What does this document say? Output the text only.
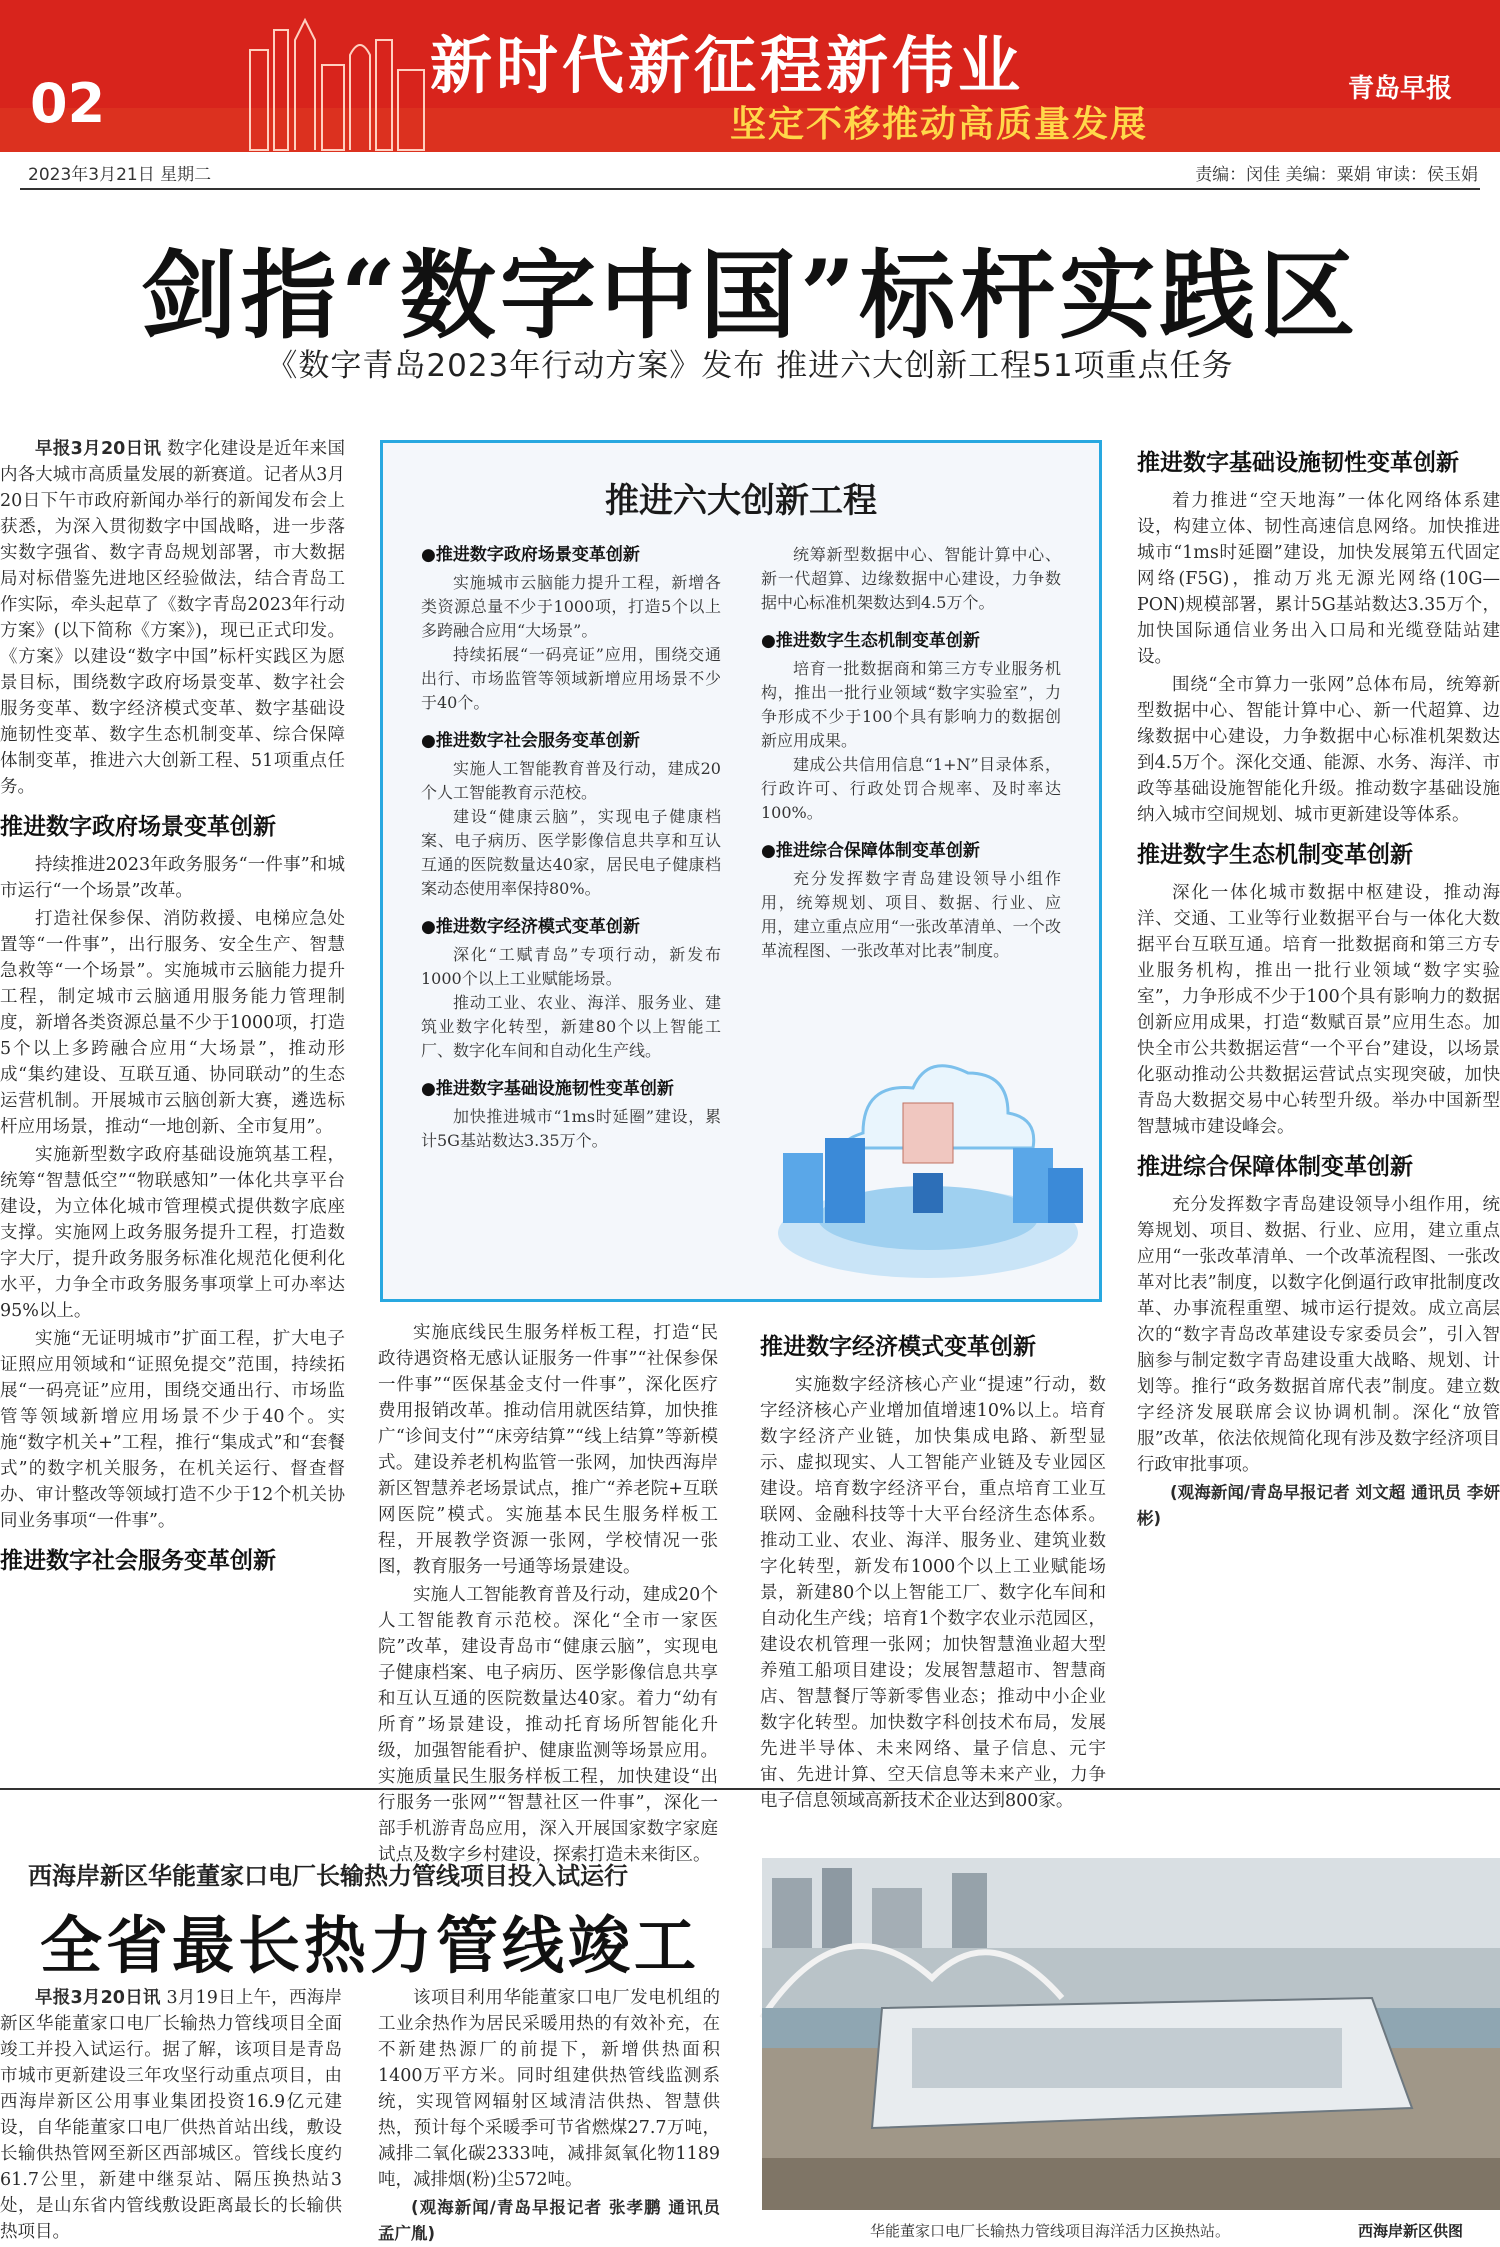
02
新时代新征程新伟业
坚定不移推动高质量发展
青岛早报
2023年3月21日 星期二	责编：闵佳 美编：粟娟 审读：侯玉娟
剑指“数字中国”标杆实践区
《数字青岛2023年行动方案》发布 推进六大创新工程51项重点任务

早报3月20日讯 数字化建设是近年来国内各大城市高质量发展的新赛道。记者从3月20日下午市政府新闻办举行的新闻发布会上获悉，为深入贯彻数字中国战略，进一步落实数字强省、数字青岛规划部署，市大数据局对标借鉴先进地区经验做法，结合青岛工作实际，牵头起草了《数字青岛2023年行动方案》(以下简称《方案》)，现已正式印发。《方案》以建设“数字中国”标杆实践区为愿景目标，围绕数字政府场景变革、数字社会服务变革、数字经济模式变革、数字基础设施韧性变革、数字生态机制变革、综合保障体制变革，推进六大创新工程、51项重点任务。

推进数字政府场景变革创新

持续推进2023年政务服务“一件事”和城市运行“一个场景”改革。

打造社保参保、消防救援、电梯应急处置等“一件事”，出行服务、安全生产、智慧急救等“一个场景”。实施城市云脑能力提升工程，制定城市云脑通用服务能力管理制度，新增各类资源总量不少于1000项，打造5个以上多跨融合应用“大场景”，推动形成“集约建设、互联互通、协同联动”的生态运营机制。开展城市云脑创新大赛，遴选标杆应用场景，推动“一地创新、全市复用”。

实施新型数字政府基础设施筑基工程，统筹“智慧低空”“物联感知”一体化共享平台建设，为立体化城市管理模式提供数字底座支撑。实施网上政务服务提升工程，打造数字大厅，提升政务服务标准化规范化便利化水平，力争全市政务服务事项掌上可办率达95%以上。

实施“无证明城市”扩面工程，扩大电子证照应用领域和“证照免提交”范围，持续拓展“一码亮证”应用，围绕交通出行、市场监管等领域新增应用场景不少于40个。实施“数字机关+”工程，推行“集成式”和“套餐式”的数字机关服务，在机关运行、督查督办、审计整改等领域打造不少于12个机关协同业务事项“一件事”。

推进数字社会服务变革创新
推进六大创新工程
●推进数字政府场景变革创新
实施城市云脑能力提升工程，新增各类资源总量不少于1000项，打造5个以上多跨融合应用“大场景”。
持续拓展“一码亮证”应用，围绕交通出行、市场监管等领域新增应用场景不少于40个。
●推进数字社会服务变革创新
实施人工智能教育普及行动，建成20个人工智能教育示范校。
建设“健康云脑”，实现电子健康档案、电子病历、医学影像信息共享和互认互通的医院数量达40家，居民电子健康档案动态使用率保持80%。
●推进数字经济模式变革创新
深化“工赋青岛”专项行动，新发布1000个以上工业赋能场景。
推动工业、农业、海洋、服务业、建筑业数字化转型，新建80个以上智能工厂、数字化车间和自动化生产线。
●推进数字基础设施韧性变革创新
加快推进城市“1ms时延圈”建设，累计5G基站数达3.35万个。
统筹新型数据中心、智能计算中心、新一代超算、边缘数据中心建设，力争数据中心标准机架数达到4.5万个。
●推进数字生态机制变革创新
培育一批数据商和第三方专业服务机构，推出一批行业领域“数字实验室”，力争形成不少于100个具有影响力的数据创新应用成果。
建成公共信用信息“1+N”目录体系，行政许可、行政处罚合规率、及时率达100%。
●推进综合保障体制变革创新
充分发挥数字青岛建设领导小组作用，统筹规划、项目、数据、行业、应用，建立重点应用“一张改革清单、一个改革流程图、一张改革对比表”制度。

实施底线民生服务样板工程，打造“民政待遇资格无感认证服务一件事”“社保参保一件事”“医保基金支付一件事”，深化医疗费用报销改革。推动信用就医结算，加快推广“诊间支付”“床旁结算”“线上结算”等新模式。建设养老机构监管一张网，加快西海岸新区智慧养老场景试点，推广“养老院+互联网医院”模式。实施基本民生服务样板工程，开展教学资源一张网，学校情况一张图，教育服务一号通等场景建设。

实施人工智能教育普及行动，建成20个人工智能教育示范校。深化“全市一家医院”改革，建设青岛市“健康云脑”，实现电子健康档案、电子病历、医学影像信息共享和互认互通的医院数量达40家。着力“幼有所育”场景建设，推动托育场所智能化升级，加强智能看护、健康监测等场景应用。实施质量民生服务样板工程，加快建设“出行服务一张网”“智慧社区一件事”，深化一部手机游青岛应用，深入开展国家数字家庭试点及数字乡村建设，探索打造未来街区。

推进数字经济模式变革创新

实施数字经济核心产业“提速”行动，数字经济核心产业增加值增速10%以上。培育数字经济产业链，加快集成电路、新型显示、虚拟现实、人工智能产业链及专业园区建设。培育数字经济平台，重点培育工业互联网、金融科技等十大平台经济生态体系。推动工业、农业、海洋、服务业、建筑业数字化转型，新发布1000个以上工业赋能场景，新建80个以上智能工厂、数字化车间和自动化生产线；培育1个数字农业示范园区，建设农机管理一张网；加快智慧渔业超大型养殖工船项目建设；发展智慧超市、智慧商店、智慧餐厅等新零售业态；推动中小企业数字化转型。加快数字科创技术布局，发展先进半导体、未来网络、量子信息、元宇宙、先进计算、空天信息等未来产业，力争电子信息领域高新技术企业达到800家。

推进数字基础设施韧性变革创新

着力推进“空天地海”一体化网络体系建设，构建立体、韧性高速信息网络。加快推进城市“1ms时延圈”建设，加快发展第五代固定网络(F5G)，推动万兆无源光网络(10G—PON)规模部署，累计5G基站数达3.35万个，加快国际通信业务出入口局和光缆登陆站建设。

围绕“全市算力一张网”总体布局，统筹新型数据中心、智能计算中心、新一代超算、边缘数据中心建设，力争数据中心标准机架数达到4.5万个。深化交通、能源、水务、海洋、市政等基础设施智能化升级。推动数字基础设施纳入城市空间规划、城市更新建设等体系。

推进数字生态机制变革创新

深化一体化城市数据中枢建设，推动海洋、交通、工业等行业数据平台与一体化大数据平台互联互通。培育一批数据商和第三方专业服务机构，推出一批行业领域“数字实验室”，力争形成不少于100个具有影响力的数据创新应用成果，打造“数赋百景”应用生态。加快全市公共数据运营“一个平台”建设，以场景化驱动推动公共数据运营试点实现突破，加快青岛大数据交易中心转型升级。举办中国新型智慧城市建设峰会。

推进综合保障体制变革创新

充分发挥数字青岛建设领导小组作用，统筹规划、项目、数据、行业、应用，建立重点应用“一张改革清单、一个改革流程图、一张改革对比表”制度，以数字化倒逼行政审批制度改革、办事流程重塑、城市运行提效。成立高层次的“数字青岛改革建设专家委员会”，引入智脑参与制定数字青岛建设重大战略、规划、计划等。推行“政务数据首席代表”制度。建立数字经济发展联席会议协调机制。深化“放管服”改革，依法依规简化现有涉及数字经济项目行政审批事项。

(观海新闻/青岛早报记者 刘文超 通讯员 李妍彬)

西海岸新区华能董家口电厂长输热力管线项目投入试运行
全省最长热力管线竣工

早报3月20日讯 3月19日上午，西海岸新区华能董家口电厂长输热力管线项目全面竣工并投入试运行。据了解，该项目是青岛市城市更新建设三年攻坚行动重点项目，由西海岸新区公用事业集团投资16.9亿元建设，自华能董家口电厂供热首站出线，敷设长输供热管网至新区西部城区。管线长度约61.7公里，新建中继泵站、隔压换热站3处，是山东省内管线敷设距离最长的长输供热项目。

该项目利用华能董家口电厂发电机组的工业余热作为居民采暖用热的有效补充，在不新建热源厂的前提下，新增供热面积1400万平方米。同时组建供热管线监测系统，实现管网辐射区域清洁供热、智慧供热，预计每个采暖季可节省燃煤27.7万吨，减排二氧化碳2333吨，减排氮氧化物1189吨，减排烟(粉)尘572吨。

(观海新闻/青岛早报记者 张孝鹏 通讯员 孟广胤)	华能董家口电厂长输热力管线项目海洋活力区换热站。	西海岸新区供图
